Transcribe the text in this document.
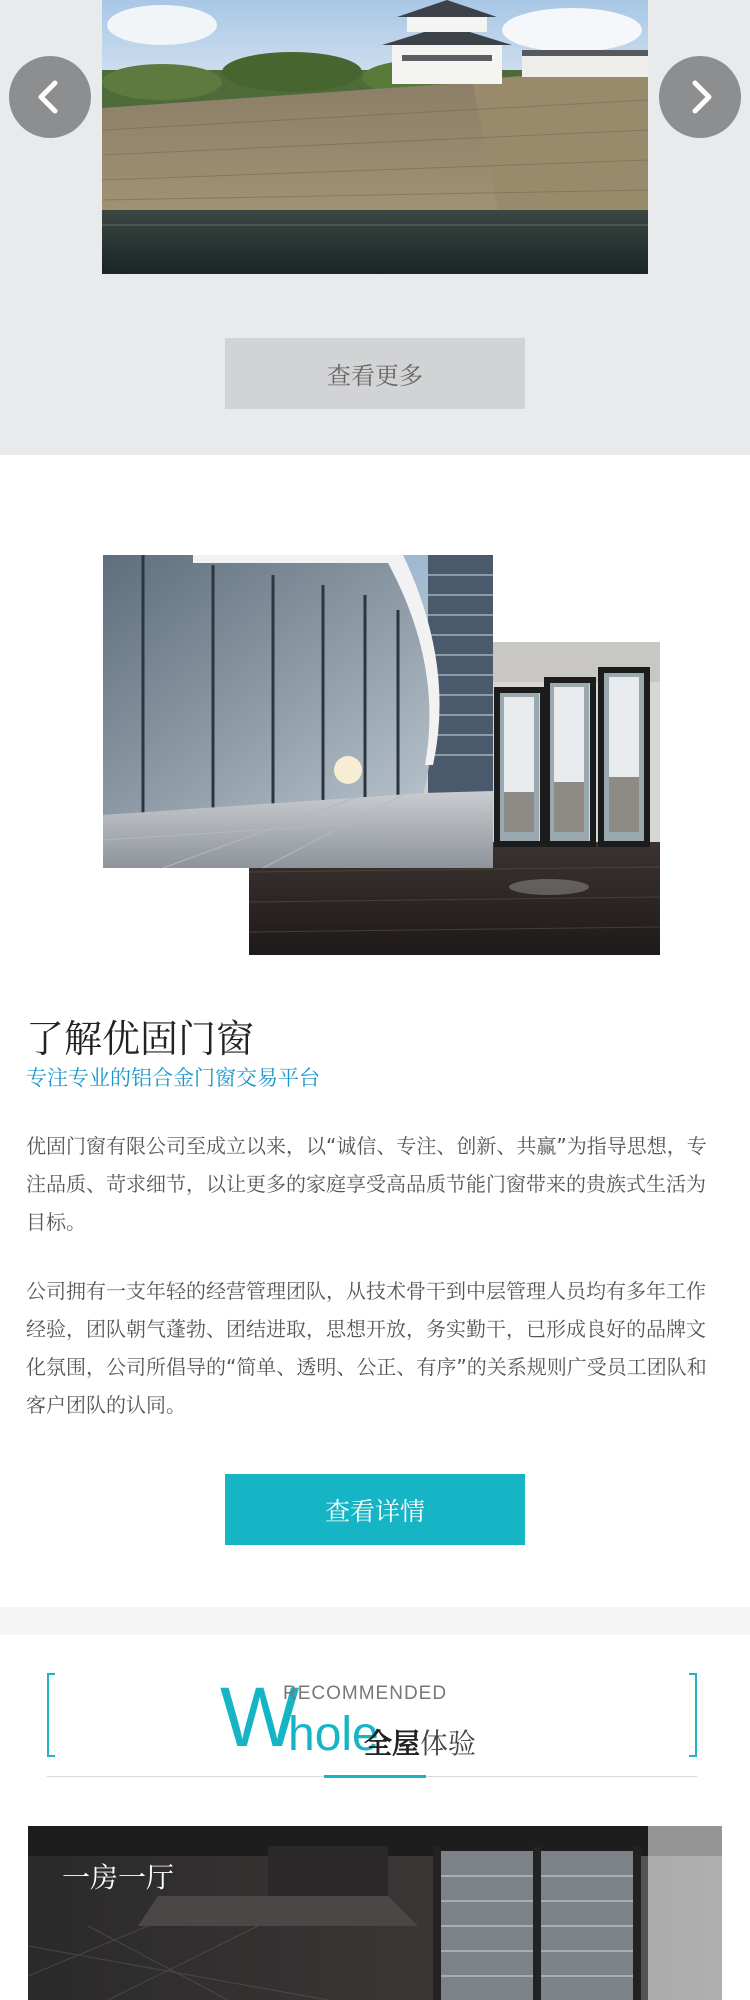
查看更多
了解优固门窗
专注专业的铝合金门窗交易平台

优固门窗有限公司至成立以来，以“诚信、专注、创新、共赢”为指导思想，专注品质、苛求细节，以让更多的家庭享受高品质节能门窗带来的贵族式生活为目标。

公司拥有一支年轻的经营管理团队，从技术骨干到中层管理人员均有多年工作经验，团队朝气蓬勃、团结进取，思想开放，务实勤干，已形成良好的品牌文化氛围，公司所倡导的“简单、透明、公正、有序”的关系规则广受员工团队和客户团队的认同。

查看详情
W
hole
RECOMMENDED
全屋 体验
一房一厅
